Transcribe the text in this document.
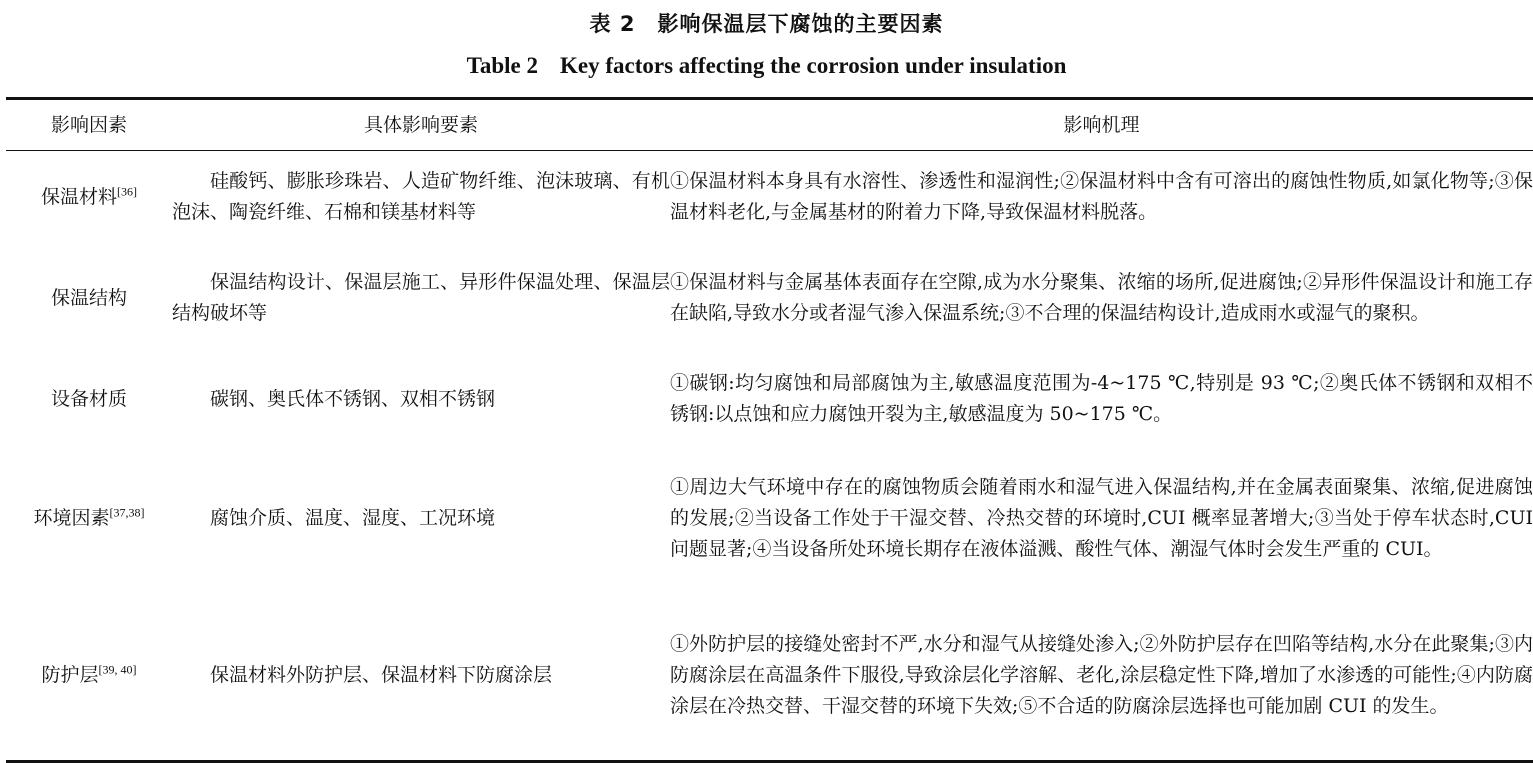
表 2 影响保温层下腐蚀的主要因素
Table 2 Key factors affecting the corrosion under insulation
影响因素	具体影响要素	影响机理
保温材料[36]	硅酸钙、膨胀珍珠岩、人造矿物纤维、泡沫玻璃、有机泡沫、陶瓷纤维、石棉和镁基材料等	①保温材料本身具有水溶性、渗透性和湿润性;②保温材料中含有可溶出的腐蚀性物质,如氯化物等;③保温材料老化,与金属基材的附着力下降,导致保温材料脱落。
保温结构	保温结构设计、保温层施工、异形件保温处理、保温层结构破坏等	①保温材料与金属基体表面存在空隙,成为水分聚集、浓缩的场所,促进腐蚀;②异形件保温设计和施工存在缺陷,导致水分或者湿气渗入保温系统;③不合理的保温结构设计,造成雨水或湿气的聚积。
设备材质	碳钢、奥氏体不锈钢、双相不锈钢	①碳钢:均匀腐蚀和局部腐蚀为主,敏感温度范围为-4~175 ℃,特别是 93 ℃;②奥氏体不锈钢和双相不锈钢:以点蚀和应力腐蚀开裂为主,敏感温度为 50~175 ℃。
环境因素[37,38]	腐蚀介质、温度、湿度、工况环境	①周边大气环境中存在的腐蚀物质会随着雨水和湿气进入保温结构,并在金属表面聚集、浓缩,促进腐蚀的发展;②当设备工作处于干湿交替、冷热交替的环境时,CUI 概率显著增大;③当处于停车状态时,CUI 问题显著;④当设备所处环境长期存在液体溢溅、酸性气体、潮湿气体时会发生严重的 CUI。
防护层[39, 40]	保温材料外防护层、保温材料下防腐涂层	①外防护层的接缝处密封不严,水分和湿气从接缝处渗入;②外防护层存在凹陷等结构,水分在此聚集;③内防腐涂层在高温条件下服役,导致涂层化学溶解、老化,涂层稳定性下降,增加了水渗透的可能性;④内防腐涂层在冷热交替、干湿交替的环境下失效;⑤不合适的防腐涂层选择也可能加剧 CUI 的发生。
